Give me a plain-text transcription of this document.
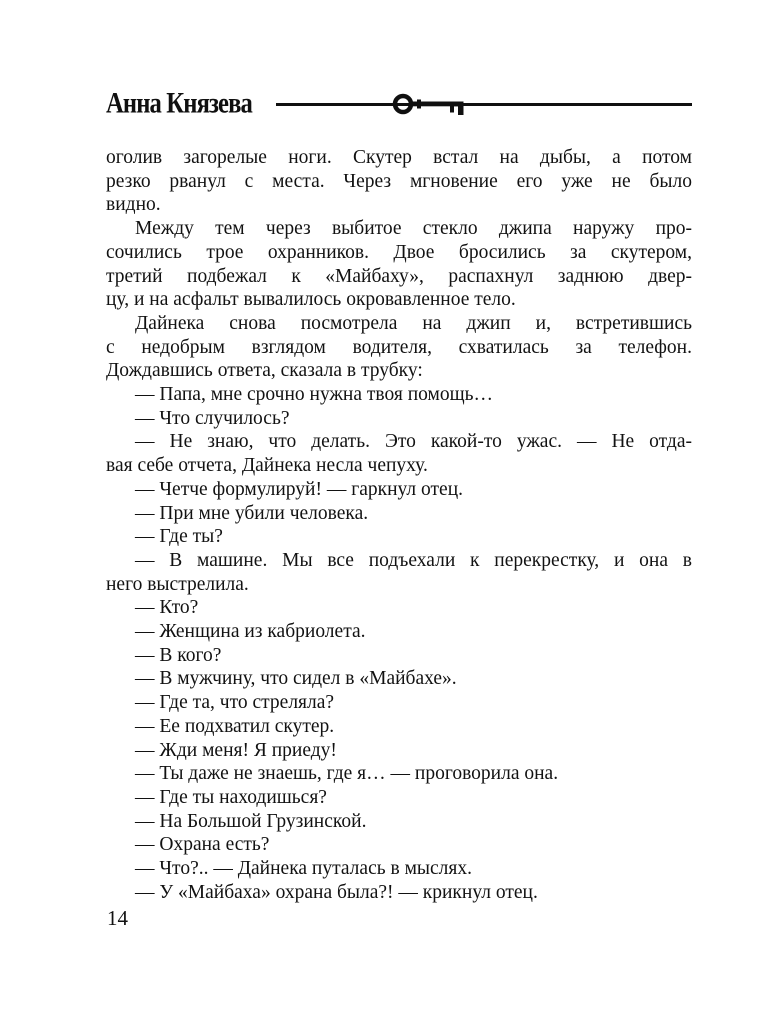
Анна Князева
оголив загорелые ноги. Скутер встал на дыбы, а потом
резко рванул с места. Через мгновение его уже не было
видно.
Между тем через выбитое стекло джипа наружу про-
сочились трое охранников. Двое бросились за скутером,
третий подбежал к «Майбаху», распахнул заднюю двер-
цу, и на асфальт вывалилось окровавленное тело.
Дайнека снова посмотрела на джип и, встретившись
с недобрым взглядом водителя, схватилась за телефон.
Дождавшись ответа, сказала в трубку:
— Папа, мне срочно нужна твоя помощь…
— Что случилось?
— Не знаю, что делать. Это какой-то ужас. — Не отда-
вая себе отчета, Дайнека несла чепуху.
— Четче формулируй! — гаркнул отец.
— При мне убили человека.
— Где ты?
— В машине. Мы все подъехали к перекрестку, и она в
него выстрелила.
— Кто?
— Женщина из кабриолета.
— В кого?
— В мужчину, что сидел в «Майбахе».
— Где та, что стреляла?
— Ее подхватил скутер.
— Жди меня! Я приеду!
— Ты даже не знаешь, где я… — проговорила она.
— Где ты находишься?
— На Большой Грузинской.
— Охрана есть?
— Что?.. — Дайнека путалась в мыслях.
— У «Майбаха» охрана была?! — крикнул отец.
14
